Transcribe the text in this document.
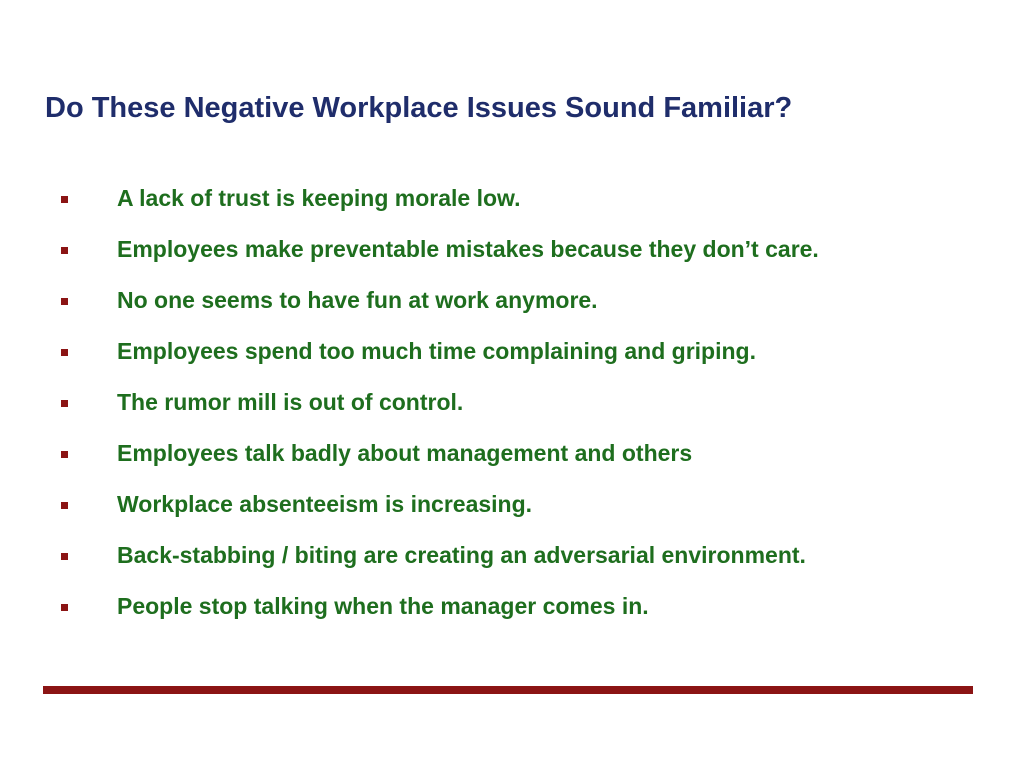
Do These Negative Workplace Issues Sound Familiar?
A lack of trust is keeping morale low.
Employees make preventable mistakes because they don’t care.
No one seems to have fun at work anymore.
Employees spend too much time complaining and griping.
The rumor mill is out of control.
Employees talk badly about management and others
Workplace absenteeism is increasing.
Back-stabbing / biting are creating an adversarial environment.
People stop talking when the manager comes in.
